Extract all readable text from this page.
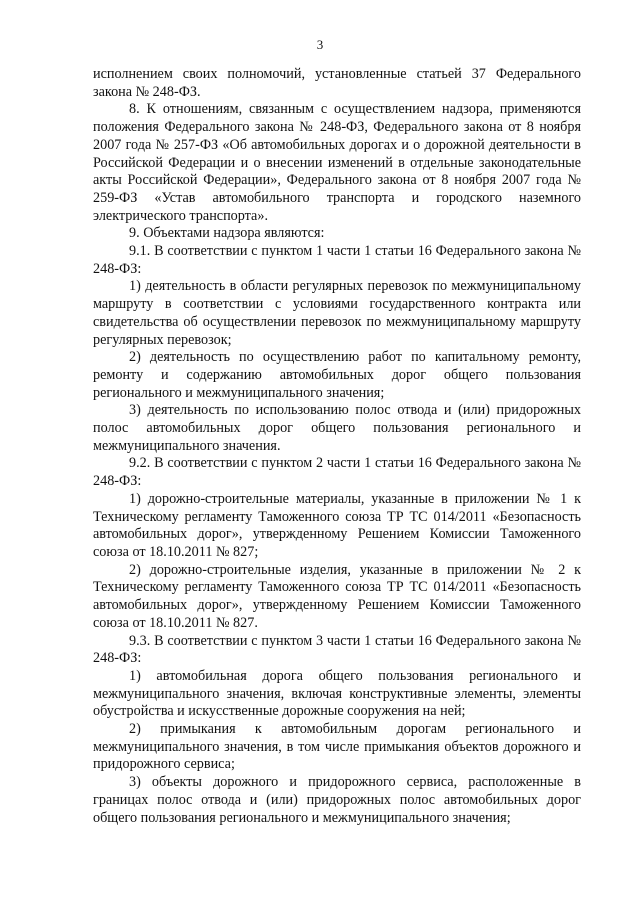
3

исполнением своих полномочий, установленные статьей 37 Федерального закона № 248-ФЗ.

8. К отношениям, связанным с осуществлением надзора, применяются положения Федерального закона № 248-ФЗ, Федерального закона от 8 ноября 2007 года № 257-ФЗ «Об автомобильных дорогах и о дорожной деятельности в Российской Федерации и о внесении изменений в отдельные законодательные акты Российской Федерации», Федерального закона от 8 ноября 2007 года № 259-ФЗ «Устав автомобильного транспорта и городского наземного электрического транспорта».

9. Объектами надзора являются:

9.1. В соответствии с пунктом 1 части 1 статьи 16 Федерального закона № 248-ФЗ:

1) деятельность в области регулярных перевозок по межмуниципальному маршруту в соответствии с условиями государственного контракта или свидетельства об осуществлении перевозок по межмуниципальному маршруту регулярных перевозок;

2) деятельность по осуществлению работ по капитальному ремонту, ремонту и содержанию автомобильных дорог общего пользования регионального и межмуниципального значения;

3) деятельность по использованию полос отвода и (или) придорожных полос автомобильных дорог общего пользования регионального и межмуниципального значения.

9.2. В соответствии с пунктом 2 части 1 статьи 16 Федерального закона № 248-ФЗ:

1) дорожно-строительные материалы, указанные в приложении № 1 к Техническому регламенту Таможенного союза ТР ТС 014/2011 «Безопасность автомобильных дорог», утвержденному Решением Комиссии Таможенного союза от 18.10.2011 № 827;

2) дорожно-строительные изделия, указанные в приложении № 2 к Техническому регламенту Таможенного союза ТР ТС 014/2011 «Безопасность автомобильных дорог», утвержденному Решением Комиссии Таможенного союза от 18.10.2011 № 827.

9.3. В соответствии с пунктом 3 части 1 статьи 16 Федерального закона № 248-ФЗ:

1) автомобильная дорога общего пользования регионального и межмуниципального значения, включая конструктивные элементы, элементы обустройства и искусственные дорожные сооружения на ней;

2) примыкания к автомобильным дорогам регионального и межмуниципального значения, в том числе примыкания объектов дорожного и придорожного сервиса;

3) объекты дорожного и придорожного сервиса, расположенные в границах полос отвода и (или) придорожных полос автомобильных дорог общего пользования регионального и межмуниципального значения;
